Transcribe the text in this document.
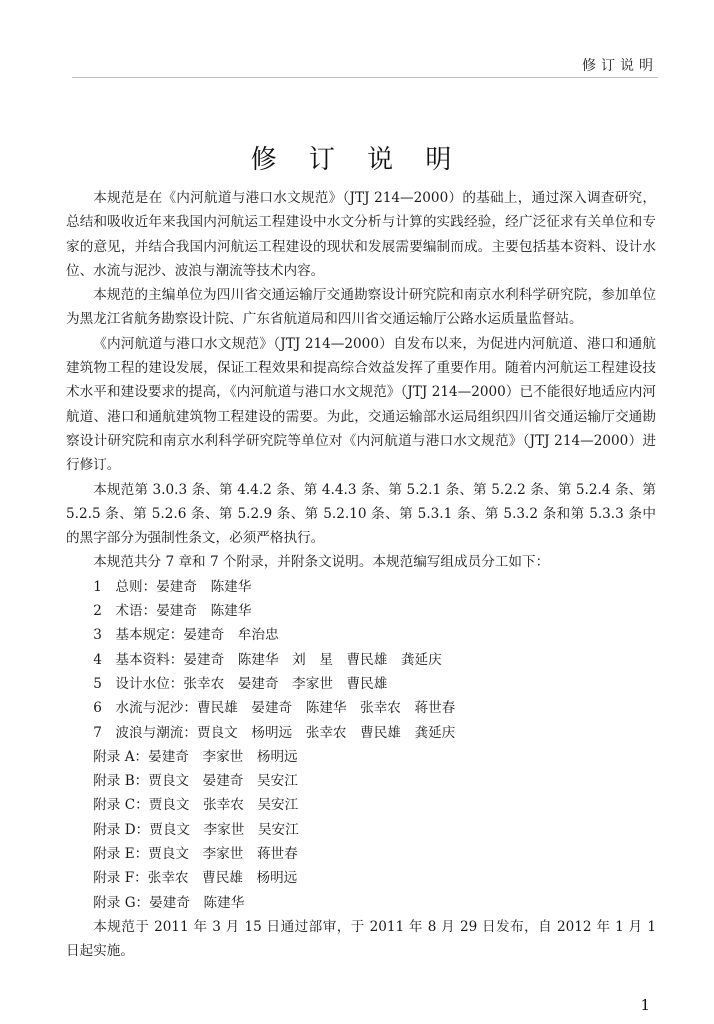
修订说明
修 订 说 明

本规范是在《内河航道与港口水文规范》（JTJ 214—2000）的基础上，通过深入调查研究，总结和吸收近年来我国内河航运工程建设中水文分析与计算的实践经验，经广泛征求有关单位和专家的意见，并结合我国内河航运工程建设的现状和发展需要编制而成。主要包括基本资料、设计水位、水流与泥沙、波浪与潮流等技术内容。

本规范的主编单位为四川省交通运输厅交通勘察设计研究院和南京水利科学研究院，参加单位为黑龙江省航务勘察设计院、广东省航道局和四川省交通运输厅公路水运质量监督站。

《内河航道与港口水文规范》（JTJ 214—2000）自发布以来，为促进内河航道、港口和通航建筑物工程的建设发展，保证工程效果和提高综合效益发挥了重要作用。随着内河航运工程建设技术水平和建设要求的提高，《内河航道与港口水文规范》（JTJ 214—2000）已不能很好地适应内河航道、港口和通航建筑物工程建设的需要。为此，交通运输部水运局组织四川省交通运输厅交通勘察设计研究院和南京水利科学研究院等单位对《内河航道与港口水文规范》（JTJ 214—2000）进行修订。

本规范第 3.0.3 条、第 4.4.2 条、第 4.4.3 条、第 5.2.1 条、第 5.2.2 条、第 5.2.4 条、第 5.2.5 条、第 5.2.6 条、第 5.2.9 条、第 5.2.10 条、第 5.3.1 条、第 5.3.2 条和第 5.3.3 条中的黑字部分为强制性条文，必须严格执行。

本规范共分 7 章和 7 个附录，并附条文说明。本规范编写组成员分工如下：

1　总则：晏建奇　陈建华
2　术语：晏建奇　陈建华
3　基本规定：晏建奇　牟治忠
4　基本资料：晏建奇　陈建华　刘　星　曹民雄　龚延庆
5　设计水位：张幸农　晏建奇　李家世　曹民雄
6　水流与泥沙：曹民雄　晏建奇　陈建华　张幸农　蒋世春
7　波浪与潮流：贾良文　杨明远　张幸农　曹民雄　龚延庆
附录 A：晏建奇　李家世　杨明远
附录 B：贾良文　晏建奇　吴安江
附录 C：贾良文　张幸农　吴安江
附录 D：贾良文　李家世　吴安江
附录 E：贾良文　李家世　蒋世春
附录 F：张幸农　曹民雄　杨明远
附录 G：晏建奇　陈建华

本规范于 2011 年 3 月 15 日通过部审，于 2011 年 8 月 29 日发布，自 2012 年 1 月 1 日起实施。

1
